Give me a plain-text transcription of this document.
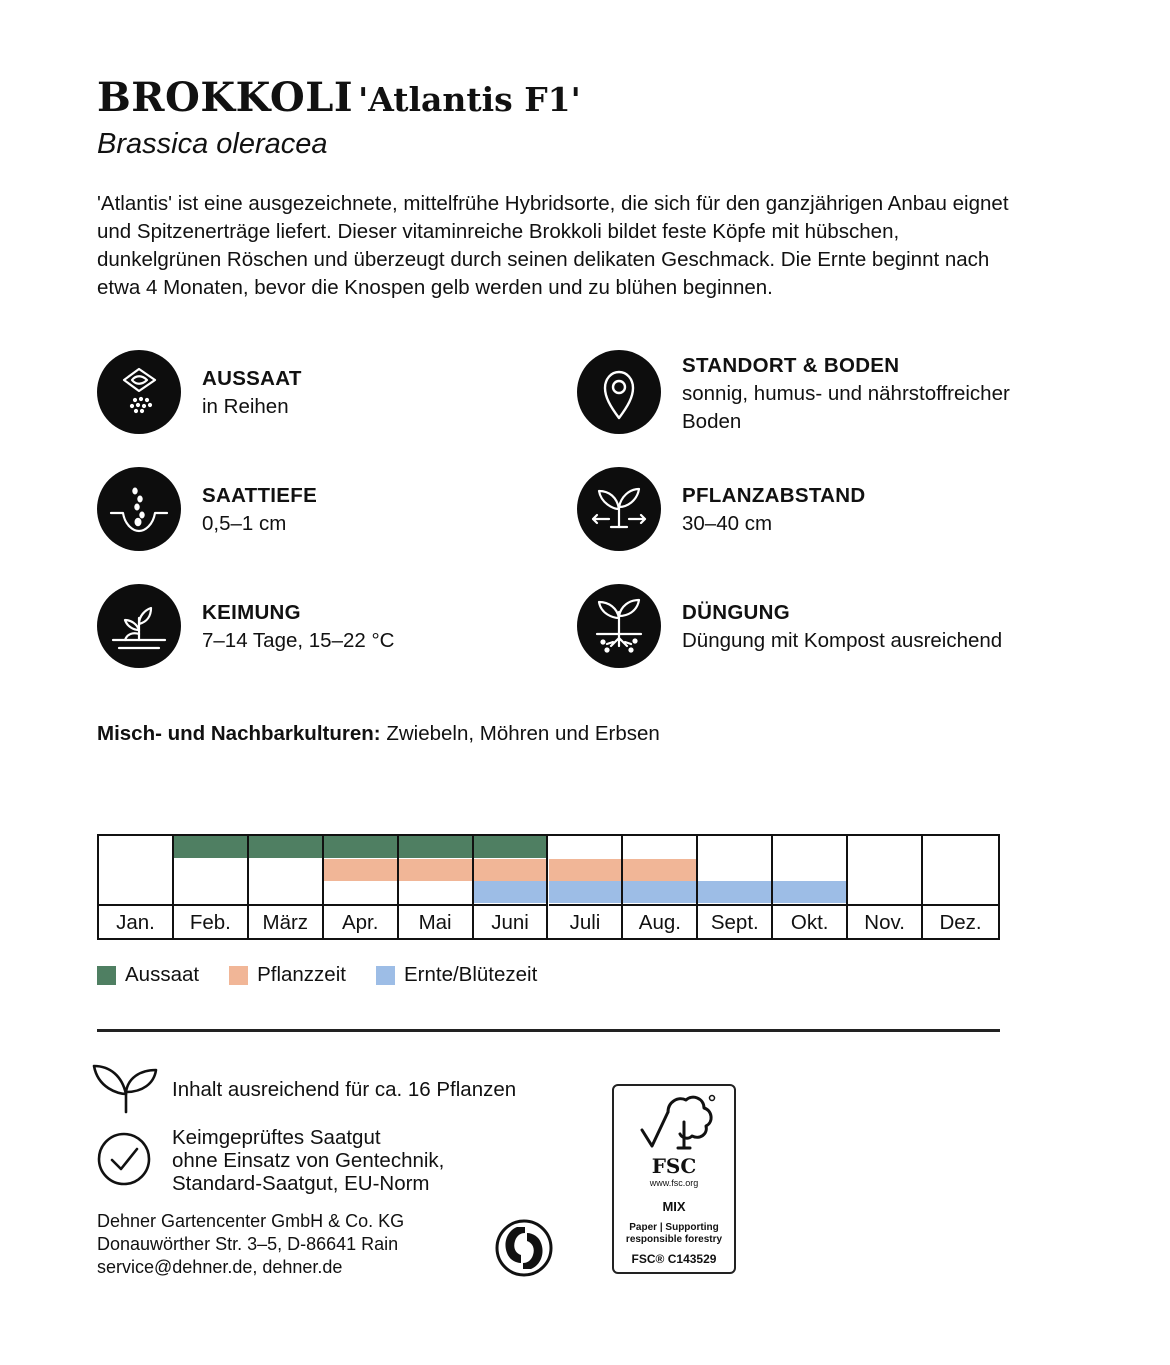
BROKKOLI 'Atlantis F1'
Brassica oleracea
'Atlantis' ist eine ausgezeichnete, mittelfrühe Hybridsorte, die sich für den ganzjährigen Anbau eignet und Spitzenerträge liefert. Dieser vitaminreiche Brokkoli bildet feste Köpfe mit hübschen, dunkelgrünen Röschen und überzeugt durch seinen delikaten Geschmack. Die Ernte beginnt nach etwa 4 Monaten, bevor die Knospen gelb werden und zu blühen beginnen.
AUSSAAT
in Reihen
STANDORT & BODEN
sonnig, humus- und nährstoffreicher Boden
SAATTIEFE
0,5–1 cm
PFLANZABSTAND
30–40 cm
KEIMUNG
7–14 Tage, 15–22 °C
DÜNGUNG
Düngung mit Kompost ausreichend
Misch- und Nachbarkulturen: Zwiebeln, Möhren und Erbsen
Jan.	Feb.	März	Apr.	Mai	Juni	Juli	Aug.	Sept.	Okt.	Nov.	Dez.
Aussaat	Pflanzzeit	Ernte/Blütezeit
Inhalt ausreichend für ca. 16 Pflanzen
Keimgeprüftes Saatgut
ohne Einsatz von Gentechnik,
Standard-Saatgut, EU-Norm
Dehner Gartencenter GmbH & Co. KG
Donauwörther Str. 3–5, D-86641 Rain
service@dehner.de, dehner.de
FSC
www.fsc.org
MIX
Paper | Supporting
responsible forestry
FSC® C143529
